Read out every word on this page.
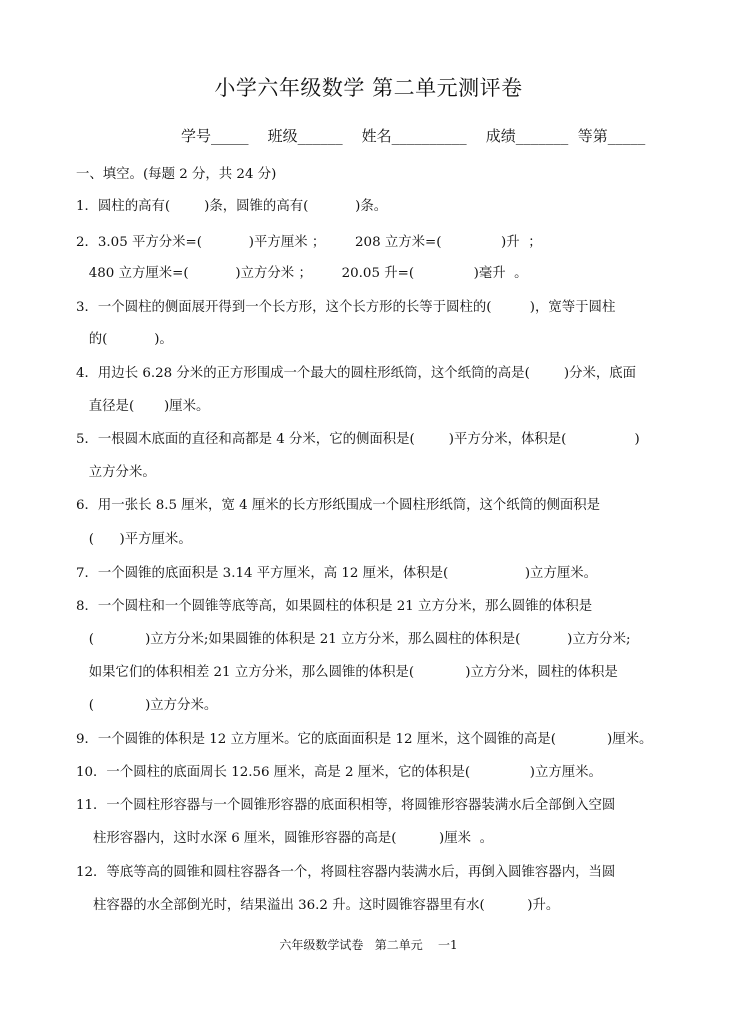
小学六年级数学 第二单元测评卷
学号_____    班级______    姓名__________    成绩_______  等第_____
一、填空。(每题 2 分，共 24 分)
1．圆柱的高有(        )条，圆锥的高有(           )条。
2．3.05 平方分米=(           )平方厘米 ；       208 立方米=(              )升  ；
480 立方厘米=(           )立方分米 ；       20.05 升=(              )毫升  。
3．一个圆柱的侧面展开得到一个长方形，这个长方形的长等于圆柱的(         )，宽等于圆柱
的(           )。
4．用边长 6.28 分米的正方形围成一个最大的圆柱形纸筒，这个纸筒的高是(        )分米，底面
直径是(       )厘米。
5．一根圆木底面的直径和高都是 4 分米，它的侧面积是(        )平方分米，体积是(                )
立方分米。
6．用一张长 8.5 厘米，宽 4 厘米的长方形纸围成一个圆柱形纸筒，这个纸筒的侧面积是
(      )平方厘米。
7．一个圆锥的底面积是 3.14 平方厘米，高 12 厘米，体积是(                  )立方厘米。
8．一个圆柱和一个圆锥等底等高，如果圆柱的体积是 21 立方分米，那么圆锥的体积是
(            )立方分米;如果圆锥的体积是 21 立方分米，那么圆柱的体积是(           )立方分米;
如果它们的体积相差 21 立方分米，那么圆锥的体积是(            )立方分米，圆柱的体积是
(            )立方分米。
9．一个圆锥的体积是 12 立方厘米。它的底面面积是 12 厘米，这个圆锥的高是(            )厘米。
10．一个圆柱的底面周长 12.56 厘米，高是 2 厘米，它的体积是(              )立方厘米。
11．一个圆柱形容器与一个圆锥形容器的底面积相等，将圆锥形容器装满水后全部倒入空圆
柱形容器内，这时水深 6 厘米，圆锥形容器的高是(          )厘米  。
12．等底等高的圆锥和圆柱容器各一个，将圆柱容器内装满水后，再倒入圆锥容器内，当圆
柱容器的水全部倒光时，结果溢出 36.2 升。这时圆锥容器里有水(          )升。
六年级数学试卷   第二单元    一1
